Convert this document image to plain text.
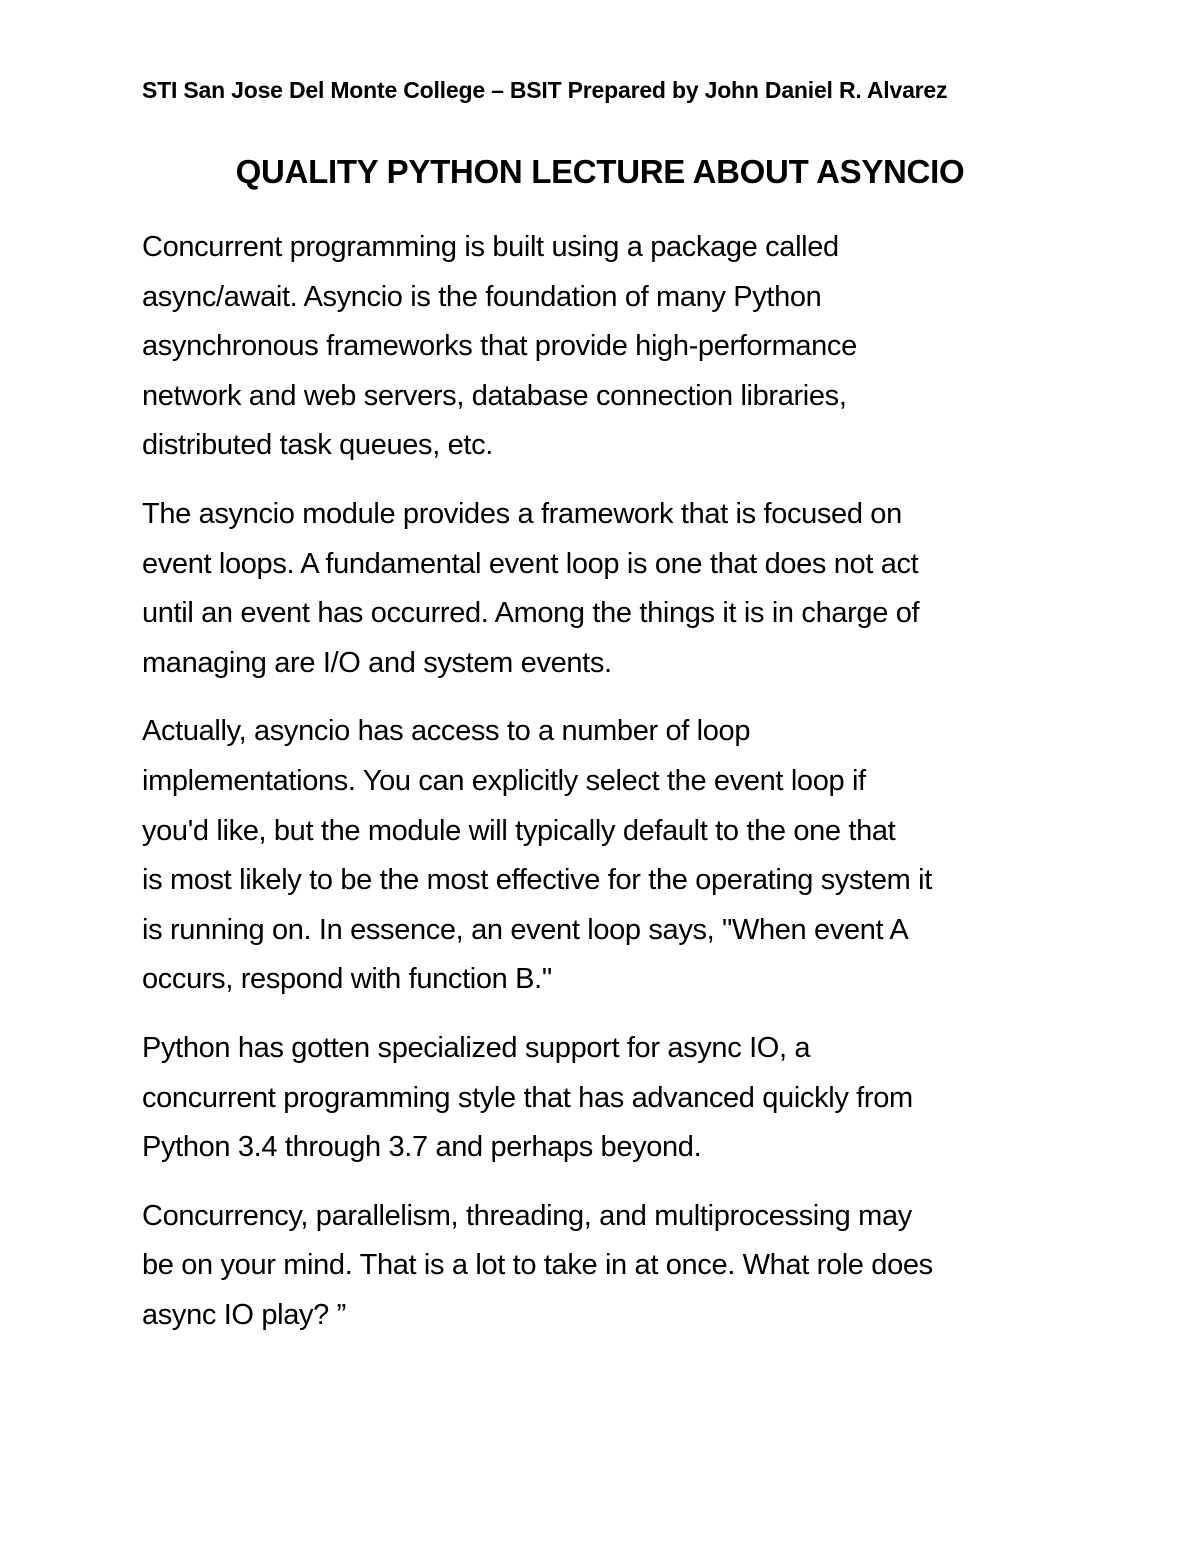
STI San Jose Del Monte College – BSIT Prepared by John Daniel R. Alvarez
QUALITY PYTHON LECTURE ABOUT ASYNCIO

Concurrent programming is built using a package called
async/await. Asyncio is the foundation of many Python
asynchronous frameworks that provide high-performance
network and web servers, database connection libraries,
distributed task queues, etc.

The asyncio module provides a framework that is focused on
event loops. A fundamental event loop is one that does not act
until an event has occurred. Among the things it is in charge of
managing are I/O and system events.

Actually, asyncio has access to a number of loop
implementations. You can explicitly select the event loop if
you'd like, but the module will typically default to the one that
is most likely to be the most effective for the operating system it
is running on. In essence, an event loop says, "When event A
occurs, respond with function B."

Python has gotten specialized support for async IO, a
concurrent programming style that has advanced quickly from
Python 3.4 through 3.7 and perhaps beyond.

Concurrency, parallelism, threading, and multiprocessing may
be on your mind. That is a lot to take in at once. What role does
async IO play? ”
